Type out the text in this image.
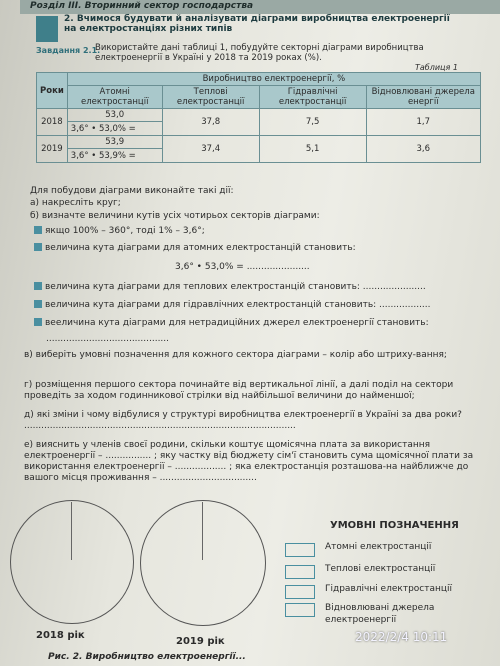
Розділ ІІІ. Вторинний сектор господарства
2. Вчимося будувати й аналізувати діаграми виробництва електроенергії на електростанціях різних типів
Завдання 2.1.
Використайте дані таблиці 1, побудуйте секторні діаграми виробництва електроенергії в Україні у 2018 та 2019 роках (%).
Таблиця 1
Роки	Виробництво електроенергії, %			
	Атомні електростанції	Теплові електростанції	Гідравлічні електростанції	Відновлювані джерела енергії
2018	53,0	37,8	7,5	1,7
	3,6° • 53,0% =			
2019	53,9	37,4	5,1	3,6
	3,6° • 53,9% =			
Для побудови діаграми виконайте такі дії:
а) накресліть круг;
б) визначте величини кутів усіх чотирьох секторів діаграми:
якщо 100% – 360°, тоді 1% – 3,6°;
величина кута діаграми для атомних електростанцій становить:
3,6° • 53,0% = ......................
величина кута діаграми для теплових електростанцій становить: ......................
величина кута діаграми для гідравлічних електростанцій становить: ..................
вееличина кута діаграми для нетрадиційних джерел електроенергії становить:
...........................................
в) виберіть умовні позначення для кожного сектора діаграми – колір або штриху-вання;
г) розміщення першого сектора починайте від вертикальної лінії, а далі поділ на сектори проведіть за ходом годинникової стрілки від найбільшої величини до найменшої;
д) які зміни і чому відбулися у структурі виробництва електроенергії в Україні за два роки? ...............................................................................................
е) вияснить у членів своєї родини, скільки коштує щомісячна плата за використання електроенергії – ................ ; яку частку від бюджету сім'ї становить сума щомісячної плати за використання електроенергії – .................. ; яка електростанція розташова-на найближче до вашого місця проживання – ..................................
2018 рік
2019 рік
УМОВНІ ПОЗНАЧЕННЯ
Атомні електростанції
Теплові електростанції
Гідравлічні електростанції
Відновлювані джерела електроенергії
2022/2/4 10:11
Рис. 2. Виробництво електроенергії...
